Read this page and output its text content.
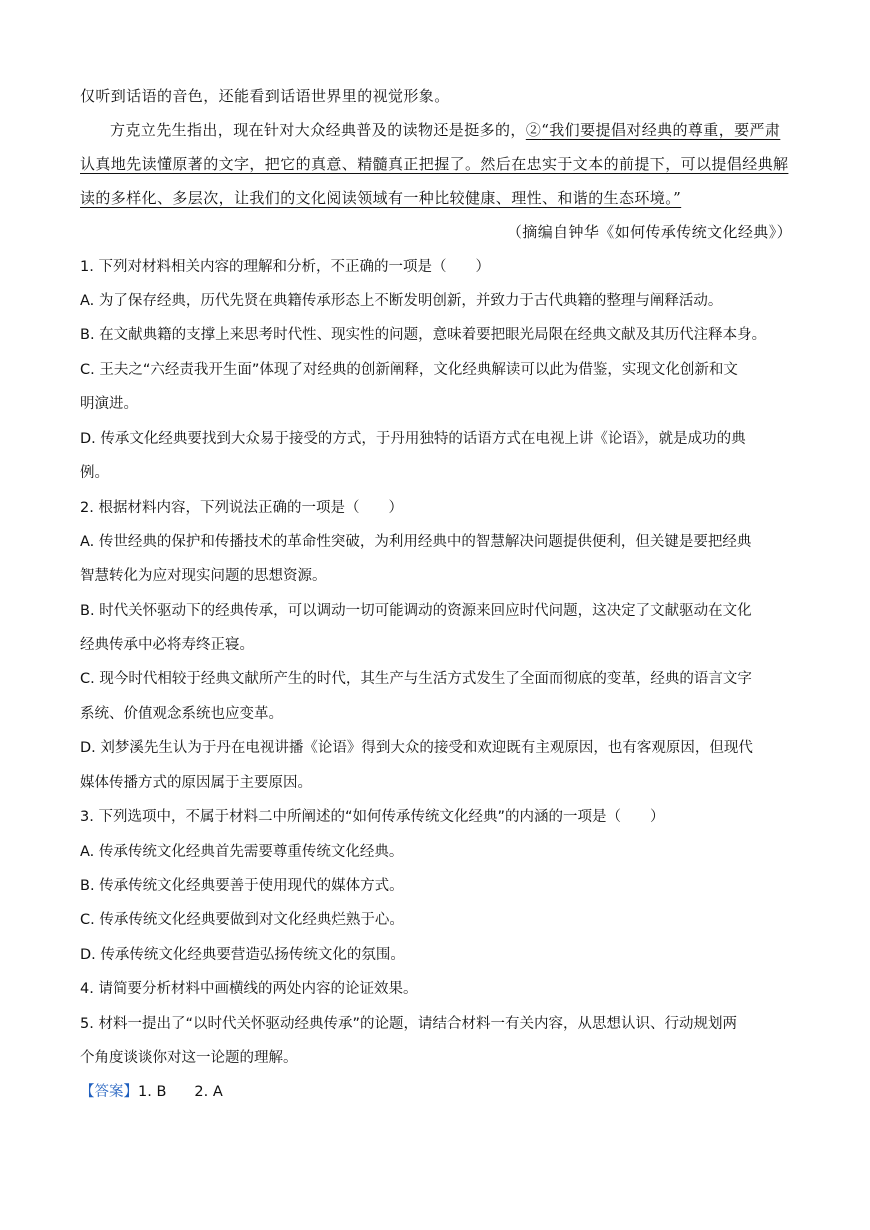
仅听到话语的音色，还能看到话语世界里的视觉形象。
方克立先生指出，现在针对大众经典普及的读物还是挺多的，②“我们要提倡对经典的尊重，要严肃
认真地先读懂原著的文字，把它的真意、精髓真正把握了。然后在忠实于文本的前提下，可以提倡经典解
读的多样化、多层次，让我们的文化阅读领域有一种比较健康、理性、和谐的生态环境。”
（摘编自钟华《如何传承传统文化经典》）
1. 下列对材料相关内容的理解和分析，不正确的一项是（　　）
A. 为了保存经典，历代先贤在典籍传承形态上不断发明创新，并致力于古代典籍的整理与阐释活动。
B. 在文献典籍的支撑上来思考时代性、现实性的问题，意味着要把眼光局限在经典文献及其历代注释本身。
C. 王夫之“六经责我开生面”体现了对经典的创新阐释，文化经典解读可以此为借鉴，实现文化创新和文
明演进。
D. 传承文化经典要找到大众易于接受的方式，于丹用独特的话语方式在电视上讲《论语》，就是成功的典
例。
2. 根据材料内容，下列说法正确的一项是（　　）
A. 传世经典的保护和传播技术的革命性突破，为利用经典中的智慧解决问题提供便利，但关键是要把经典
智慧转化为应对现实问题的思想资源。
B. 时代关怀驱动下的经典传承，可以调动一切可能调动的资源来回应时代问题，这决定了文献驱动在文化
经典传承中必将寿终正寝。
C. 现今时代相较于经典文献所产生的时代，其生产与生活方式发生了全面而彻底的变革，经典的语言文字
系统、价值观念系统也应变革。
D. 刘梦溪先生认为于丹在电视讲播《论语》得到大众的接受和欢迎既有主观原因，也有客观原因，但现代
媒体传播方式的原因属于主要原因。
3. 下列选项中，不属于材料二中所阐述的“如何传承传统文化经典”的内涵的一项是（　　）
A. 传承传统文化经典首先需要尊重传统文化经典。
B. 传承传统文化经典要善于使用现代的媒体方式。
C. 传承传统文化经典要做到对文化经典烂熟于心。
D. 传承传统文化经典要营造弘扬传统文化的氛围。
4. 请简要分析材料中画横线的两处内容的论证效果。
5. 材料一提出了“以时代关怀驱动经典传承”的论题，请结合材料一有关内容，从思想认识、行动规划两
个角度谈谈你对这一论题的理解。
【答案】1. B 2. A
